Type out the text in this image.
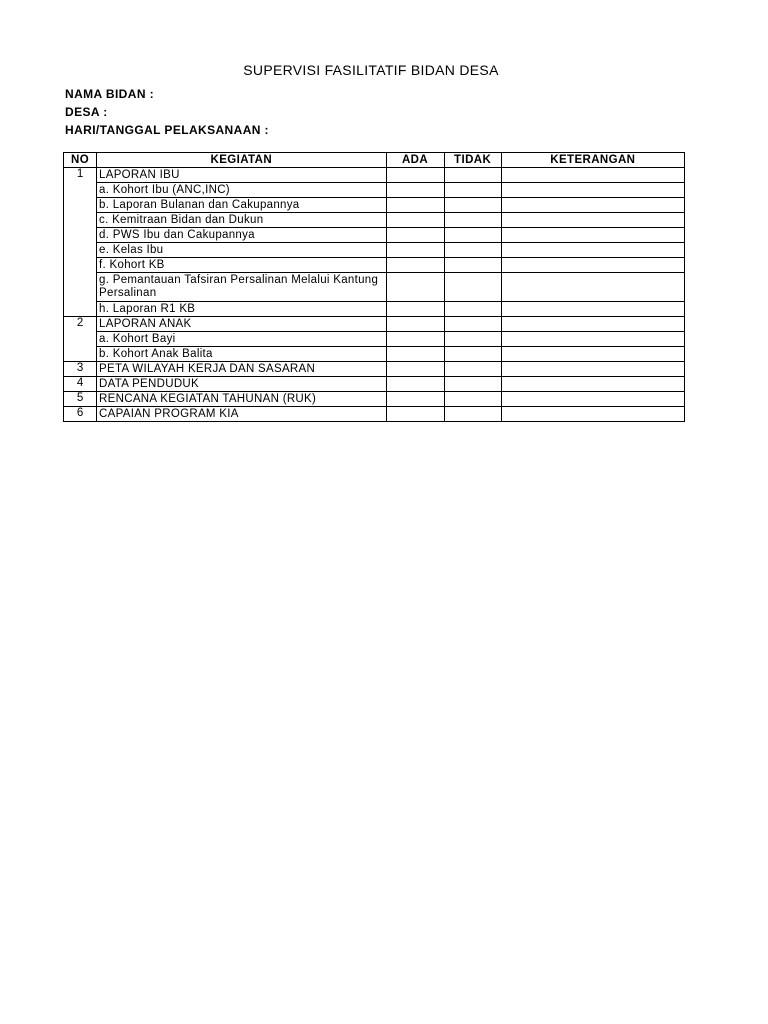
SUPERVISI FASILITATIF BIDAN DESA
NAMA BIDAN :
DESA :
HARI/TANGGAL PELAKSANAAN :
NO	KEGIATAN	ADA	TIDAK	KETERANGAN
1	LAPORAN IBU			
	a. Kohort Ibu (ANC,INC)			
	b. Laporan Bulanan dan Cakupannya			
	c. Kemitraan Bidan dan Dukun			
	d. PWS Ibu dan Cakupannya			
	e. Kelas Ibu			
	f. Kohort KB			
	g. Pemantauan Tafsiran Persalinan Melalui Kantung Persalinan			
	h. Laporan R1 KB			
2	LAPORAN ANAK			
	a. Kohort Bayi			
	b. Kohort Anak Balita			
3	PETA WILAYAH KERJA DAN SASARAN			
4	DATA PENDUDUK			
5	RENCANA KEGIATAN TAHUNAN (RUK)			
6	CAPAIAN PROGRAM KIA			
